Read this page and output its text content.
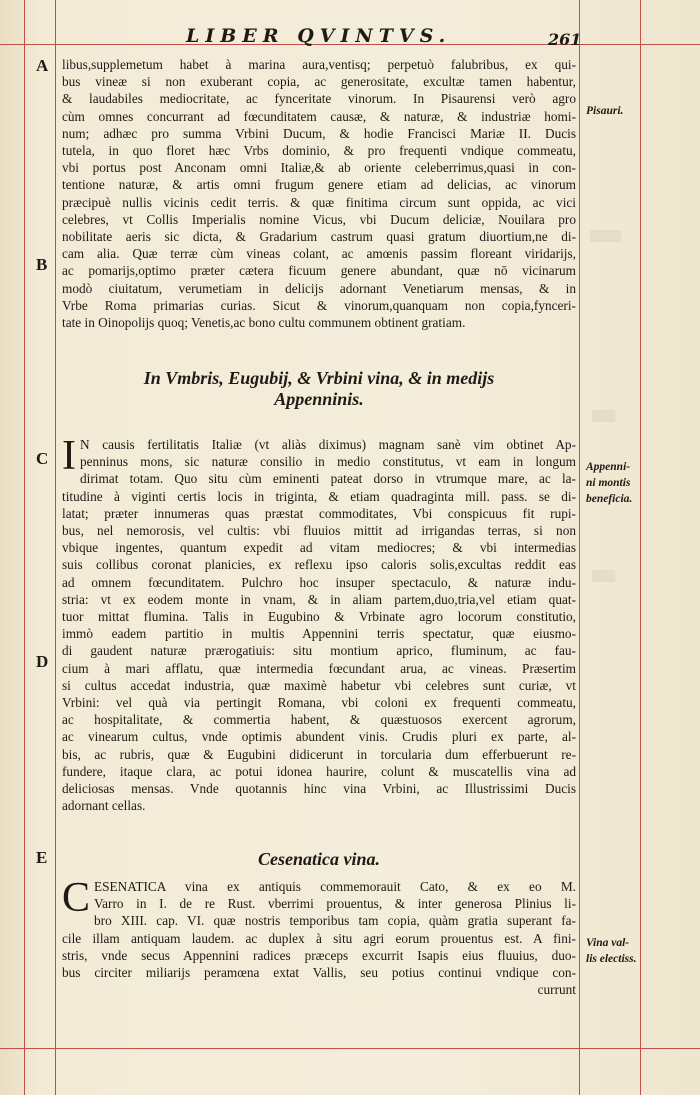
LIBER QVINTVS.	261
A
B
C
D
E
libus,supplemetum habet à marina aura,ventisq; perpetuò falubribus, ex qui-
bus vineæ si non exuberant copia, ac generositate, excultæ tamen habentur,
& laudabiles mediocritate, ac fynceritate vinorum. In Pisaurensi verò agro
cùm omnes concurrant ad fœcunditatem causæ, & naturæ, & industriæ homi-
num; adhæc pro summa Vrbini Ducum, & hodie Francisci Mariæ II. Ducis
tutela, in quo floret hæc Vrbs dominio, & pro frequenti vndique commeatu,
vbi portus post Anconam omni Italiæ,& ab oriente celeberrimus,quasi in con-
tentione naturæ, & artis omni frugum genere etiam ad delicias, ac vinorum
præcipuè nullis vicinis cedit terris. & quæ finitima circum sunt oppida, ac vici
celebres, vt Collis Imperialis nomine Vicus, vbi Ducum deliciæ, Nouilara pro
nobilitate aeris sic dicta, & Gradarium castrum quasi gratum diuortium,ne di-
cam alia. Quæ terræ cùm vineas colant, ac amœnis passim floreant viridarijs,
ac pomarijs,optimo præter cætera ficuum genere abundant, quæ nō vicinarum
modò ciuitatum, verumetiam in delicijs adornant Venetiarum mensas, & in
Vrbe Roma primarias curias. Sicut & vinorum,quanquam non copia,fynceri-
tate in Oinopolijs quoq; Venetis,ac bono cultu communem obtinent gratiam.
In Vmbris, Eugubij, & Vrbini vina, & in medijs
Appenninis.
I N causis fertilitatis Italiæ (vt aliàs diximus) magnam sanè vim obtinet Ap-
penninus mons, sic naturæ consilio in medio constitutus, vt eam in longum
dirimat totam. Quo situ cùm eminenti pateat dorso in vtrumque mare, ac la-
titudine à viginti certis locis in triginta, & etiam quadraginta mill. pass. se di-
latat; præter innumeras quas præstat commoditates, Vbi conspicuus fit rupi-
bus, nel nemorosis, vel cultis: vbi fluuios mittit ad irrigandas terras, si non
vbique ingentes, quantum expedit ad vitam mediocres; & vbi intermedias
suis collibus coronat planicies, ex reflexu ipso caloris solis,excultas reddit eas
ad omnem fœcunditatem. Pulchro hoc insuper spectaculo, & naturæ indu-
stria: vt ex eodem monte in vnam, & in aliam partem,duo,tria,vel etiam quat-
tuor mittat flumina. Talis in Eugubino & Vrbinate agro locorum constitutio,
immò eadem partitio in multis Appennini terris spectatur, quæ eiusmo-
di gaudent naturæ prærogatiuis: situ montium aprico, fluminum, ac fau-
cium à mari afflatu, quæ intermedia fœcundant arua, ac vineas. Præsertim
si cultus accedat industria, quæ maximè habetur vbi celebres sunt curiæ, vt
Vrbini: vel quà via pertingit Romana, vbi coloni ex frequenti commeatu,
ac hospitalitate, & commertia habent, & quæstuosos exercent agrorum,
ac vinearum cultus, vnde optimis abundent vinis. Crudis pluri ex parte, al-
bis, ac rubris, quæ & Eugubini didicerunt in torcularia dum efferbuerunt re-
fundere, itaque clara, ac potui idonea haurire, colunt & muscatellis vina ad
deliciosas mensas. Vnde quotannis hinc vina Vrbini, ac Illustrissimi Ducis
adornant cellas.
Cesenatica vina.
C ESENATICA vina ex antiquis commemorauit Cato, & ex eo M.
Varro in I. de re Rust. vberrimi prouentus, & inter generosa Plinius li-
bro XIII. cap. VI. quæ nostris temporibus tam copia, quàm gratia superant fa-
cile illam antiquam laudem. ac duplex à situ agri eorum prouentus est. A fini-
stris, vnde secus Appennini radices præceps excurrit Isapis eius fluuius, duo-
bus circiter miliarijs peramœna extat Vallis, seu potius continui vndique con-
currunt
Pisauri.
Appenni-
ni montis
beneficia.
Vina val-
lis electiss.
▒▒▒▒
▒▒▒
▒▒▒
